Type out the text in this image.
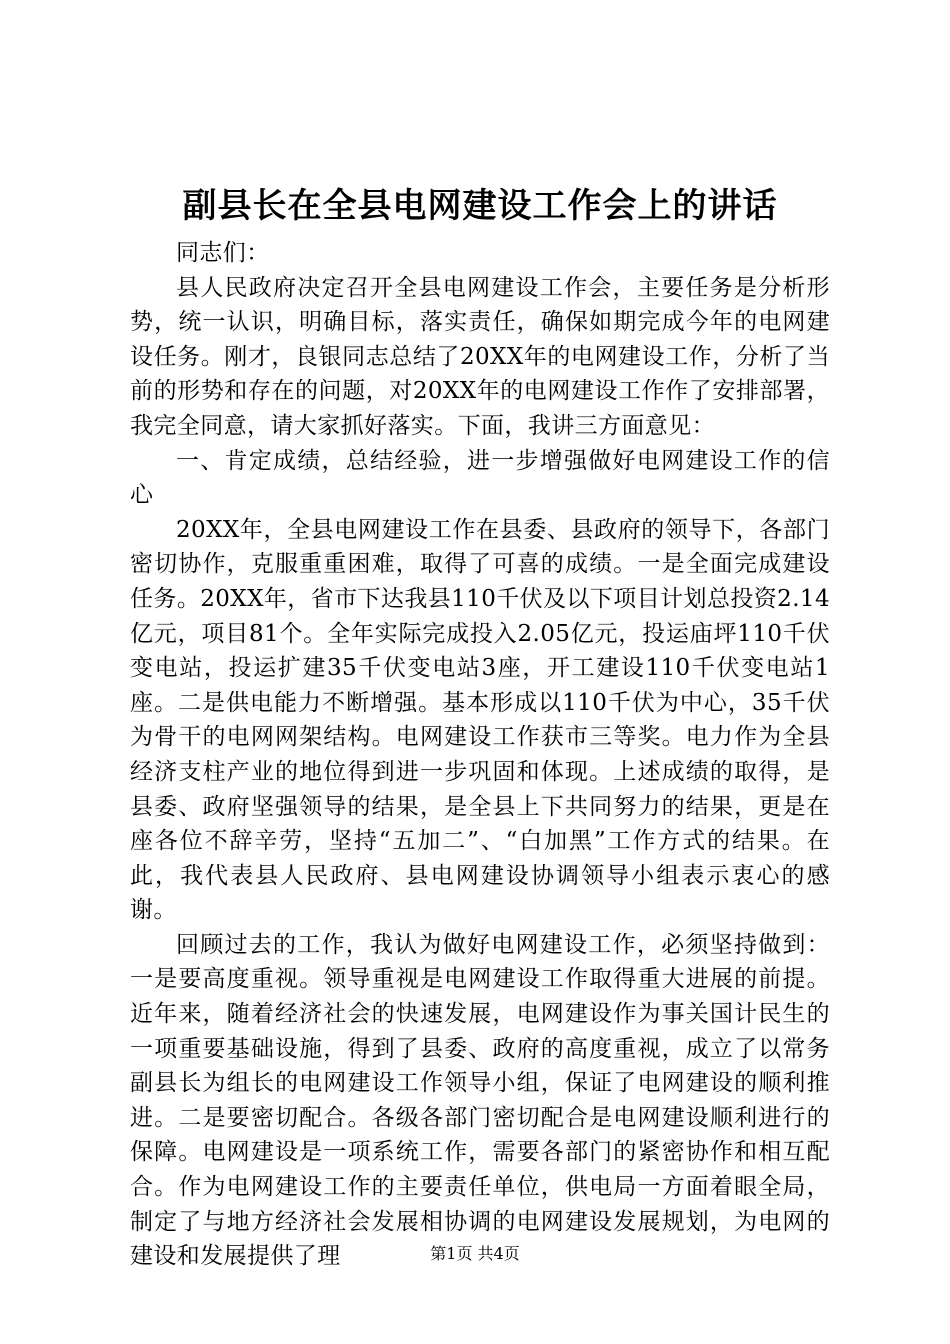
副县长在全县电网建设工作会上的讲话

同志们：

县人民政府决定召开全县电网建设工作会，主要任务是分析形势，统一认识，明确目标，落实责任，确保如期完成今年的电网建设任务。刚才，良银同志总结了20XX年的电网建设工作，分析了当前的形势和存在的问题，对20XX年的电网建设工作作了安排部署，我完全同意，请大家抓好落实。下面，我讲三方面意见：

一、肯定成绩，总结经验，进一步增强做好电网建设工作的信心

20XX年，全县电网建设工作在县委、县政府的领导下，各部门密切协作，克服重重困难，取得了可喜的成绩。一是全面完成建设任务。20XX年，省市下达我县110千伏及以下项目计划总投资2.14亿元，项目81个。全年实际完成投入2.05亿元，投运庙坪110千伏变电站，投运扩建35千伏变电站3座，开工建设110千伏变电站1座。二是供电能力不断增强。基本形成以110千伏为中心，35千伏为骨干的电网网架结构。电网建设工作获市三等奖。电力作为全县经济支柱产业的地位得到进一步巩固和体现。上述成绩的取得，是县委、政府坚强领导的结果，是全县上下共同努力的结果，更是在座各位不辞辛劳，坚持“五加二”、“白加黑”工作方式的结果。在此，我代表县人民政府、县电网建设协调领导小组表示衷心的感谢。

回顾过去的工作，我认为做好电网建设工作，必须坚持做到：一是要高度重视。领导重视是电网建设工作取得重大进展的前提。近年来，随着经济社会的快速发展，电网建设作为事关国计民生的一项重要基础设施，得到了县委、政府的高度重视，成立了以常务副县长为组长的电网建设工作领导小组，保证了电网建设的顺利推进。二是要密切配合。各级各部门密切配合是电网建设顺利进行的保障。电网建设是一项系统工作，需要各部门的紧密协作和相互配合。作为电网建设工作的主要责任单位，供电局一方面着眼全局，制定了与地方经济社会发展相协调的电网建设发展规划，为电网的建设和发展提供了理	第1页 共4页
